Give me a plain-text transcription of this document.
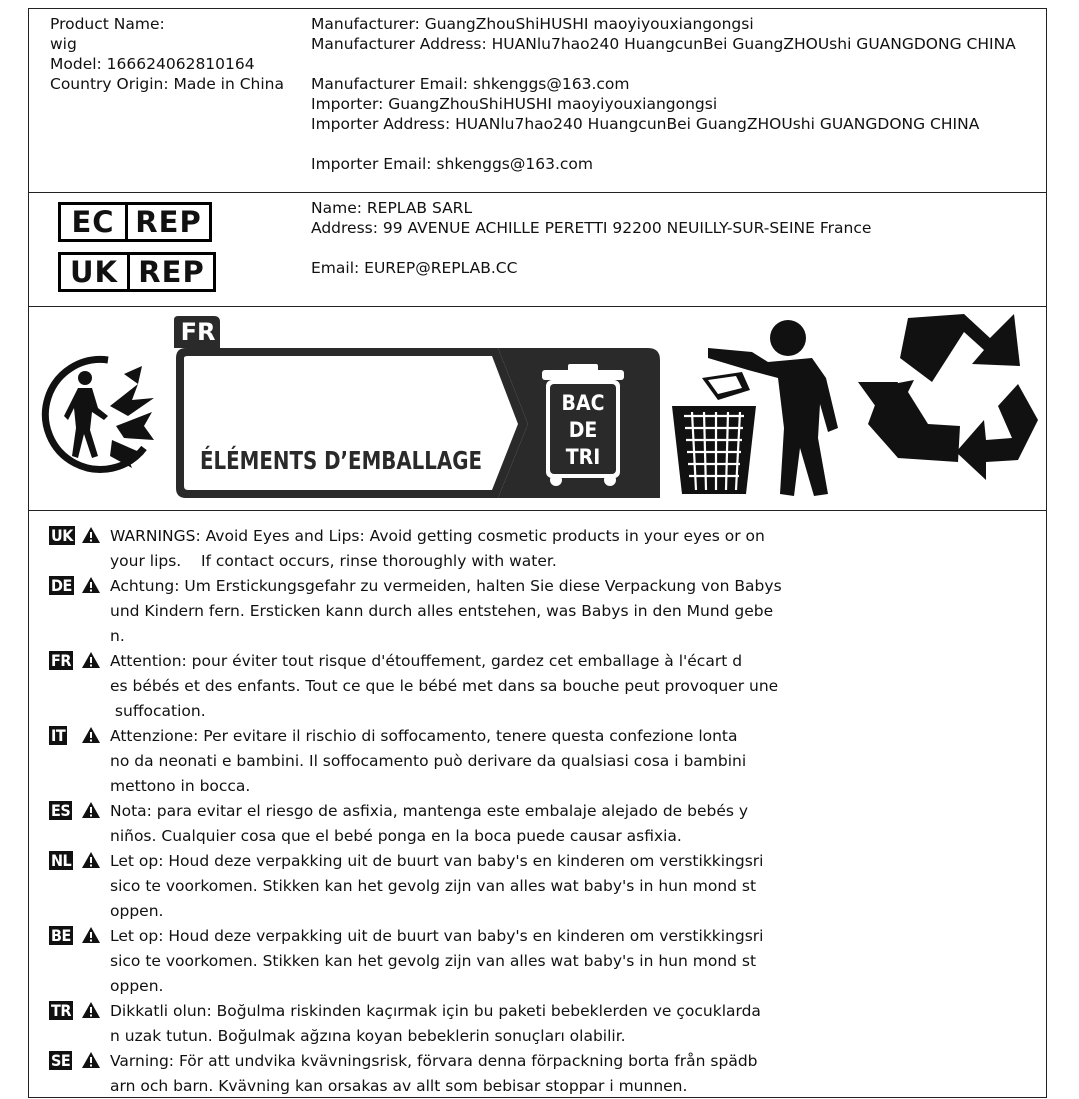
Product Name:
wig
Model: 166624062810164
Country Origin: Made in China
Manufacturer: GuangZhouShiHUSHI maoyiyouxiangongsi
Manufacturer Address: HUANlu7hao240 HuangcunBei GuangZHOUshi GUANGDONG CHINA
Manufacturer Email: shkenggs@163.com
Importer: GuangZhouShiHUSHI maoyiyouxiangongsi
Importer Address: HUANlu7hao240 HuangcunBei GuangZHOUshi GUANGDONG CHINA
Importer Email: shkenggs@163.com
EC REP
UK REP
Name: REPLAB SARL
Address: 99 AVENUE ACHILLE PERETTI 92200 NEUILLY-SUR-SEINE France
Email: EUREP@REPLAB.CC
FR

ÉLÉMENTS D’EMBALLAGE

BAC
DE
TRI
UK WARNINGS: Avoid Eyes and Lips: Avoid getting cosmetic products in your eyes or on
your lips.    If contact occurs, rinse thoroughly with water.
DE Achtung: Um Erstickungsgefahr zu vermeiden, halten Sie diese Verpackung von Babys
und Kindern fern. Ersticken kann durch alles entstehen, was Babys in den Mund gebe
n.
FR	Attention: pour éviter tout risque d'étouffement, gardez cet emballage à l'écart d
es bébés et des enfants. Tout ce que le bébé met dans sa bouche peut provoquer une
suffocation.
IT	Attenzione: Per evitare il rischio di soffocamento, tenere questa confezione lonta
no da neonati e bambini. Il soffocamento può derivare da qualsiasi cosa i bambini
mettono in bocca.
ES	Nota: para evitar el riesgo de asfixia, mantenga este embalaje alejado de bebés y
niños. Cualquier cosa que el bebé ponga en la boca puede causar asfixia.
NL	Let op: Houd deze verpakking uit de buurt van baby's en kinderen om verstikkingsri
sico te voorkomen. Stikken kan het gevolg zijn van alles wat baby's in hun mond st
oppen.
BE	Let op: Houd deze verpakking uit de buurt van baby's en kinderen om verstikkingsri
sico te voorkomen. Stikken kan het gevolg zijn van alles wat baby's in hun mond st
oppen.
TR	Dikkatli olun: Boğulma riskinden kaçırmak için bu paketi bebeklerden ve çocuklarda
n uzak tutun. Boğulmak ağzına koyan bebeklerin sonuçları olabilir.
SE	Varning: För att undvika kvävningsrisk, förvara denna förpackning borta från spädb
arn och barn. Kvävning kan orsakas av allt som bebisar stoppar i munnen.
